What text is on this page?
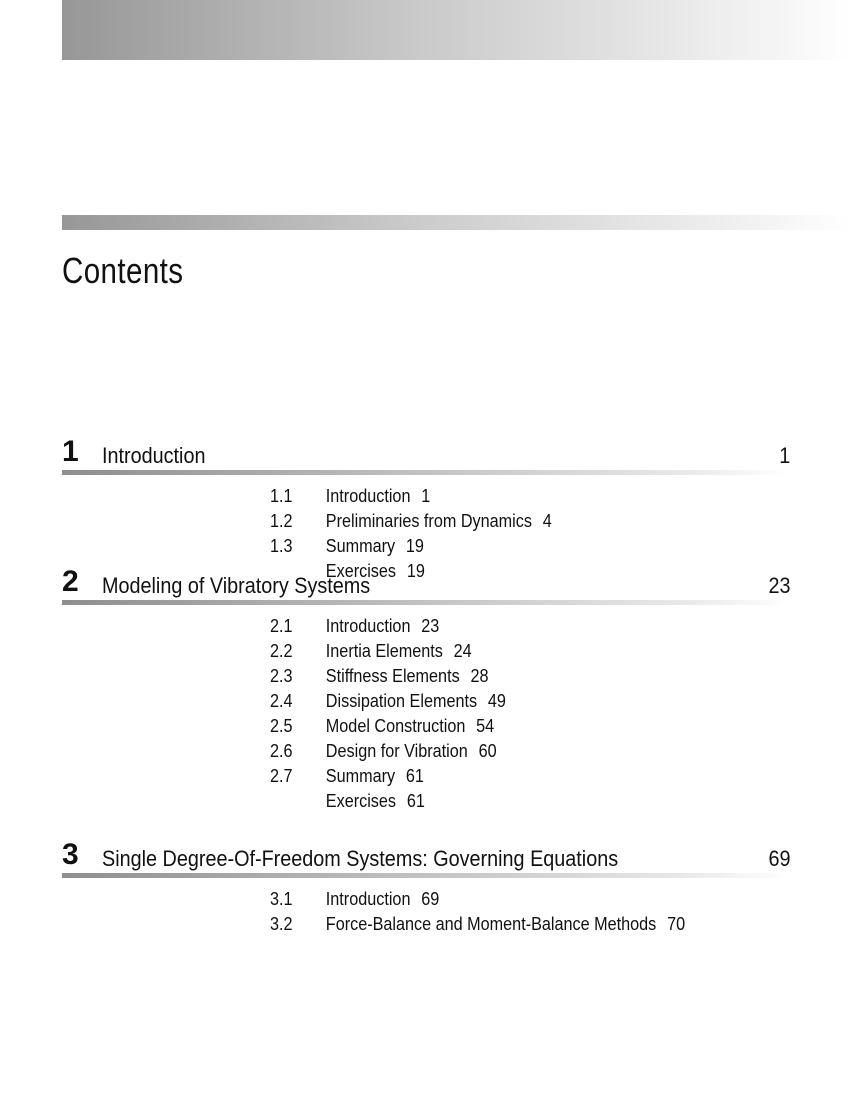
Contents
1 Introduction	1
1.1 Introduction 1
1.2 Preliminaries from Dynamics 4
1.3 Summary 19
Exercises 19
2 Modeling of Vibratory Systems	23
2.1 Introduction 23
2.2 Inertia Elements 24
2.3 Stiffness Elements 28
2.4 Dissipation Elements 49
2.5 Model Construction 54
2.6 Design for Vibration 60
2.7 Summary 61
Exercises 61
3 Single Degree-Of-Freedom Systems: Governing Equations	69
3.1 Introduction 69
3.2 Force-Balance and Moment-Balance Methods 70
